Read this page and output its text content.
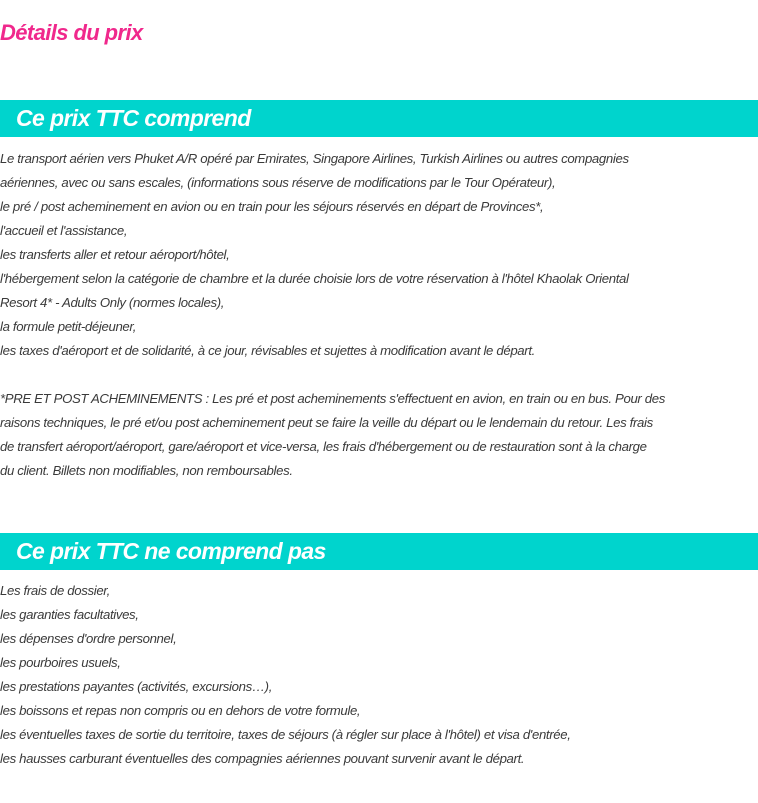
Détails du prix
Ce prix TTC comprend
Le transport aérien vers Phuket A/R opéré par Emirates, Singapore Airlines, Turkish Airlines ou autres compagnies
aériennes, avec ou sans escales, (informations sous réserve de modifications par le Tour Opérateur),
le pré / post acheminement en avion ou en train pour les séjours réservés en départ de Provinces*,
l'accueil et l'assistance,
les transferts aller et retour aéroport/hôtel,
l'hébergement selon la catégorie de chambre et la durée choisie lors de votre réservation à l'hôtel Khaolak Oriental
Resort 4* - Adults Only (normes locales),
la formule petit-déjeuner,
les taxes d'aéroport et de solidarité, à ce jour, révisables et sujettes à modification avant le départ.
*PRE ET POST ACHEMINEMENTS : Les pré et post acheminements s'effectuent en avion, en train ou en bus. Pour des
raisons techniques, le pré et/ou post acheminement peut se faire la veille du départ ou le lendemain du retour. Les frais
de transfert aéroport/aéroport, gare/aéroport et vice-versa, les frais d'hébergement ou de restauration sont à la charge
du client. Billets non modifiables, non remboursables.
Ce prix TTC ne comprend pas
Les frais de dossier,
les garanties facultatives,
les dépenses d'ordre personnel,
les pourboires usuels,
les prestations payantes (activités, excursions…),
les boissons et repas non compris ou en dehors de votre formule,
les éventuelles taxes de sortie du territoire, taxes de séjours (à régler sur place à l'hôtel) et visa d'entrée,
les hausses carburant éventuelles des compagnies aériennes pouvant survenir avant le départ.
